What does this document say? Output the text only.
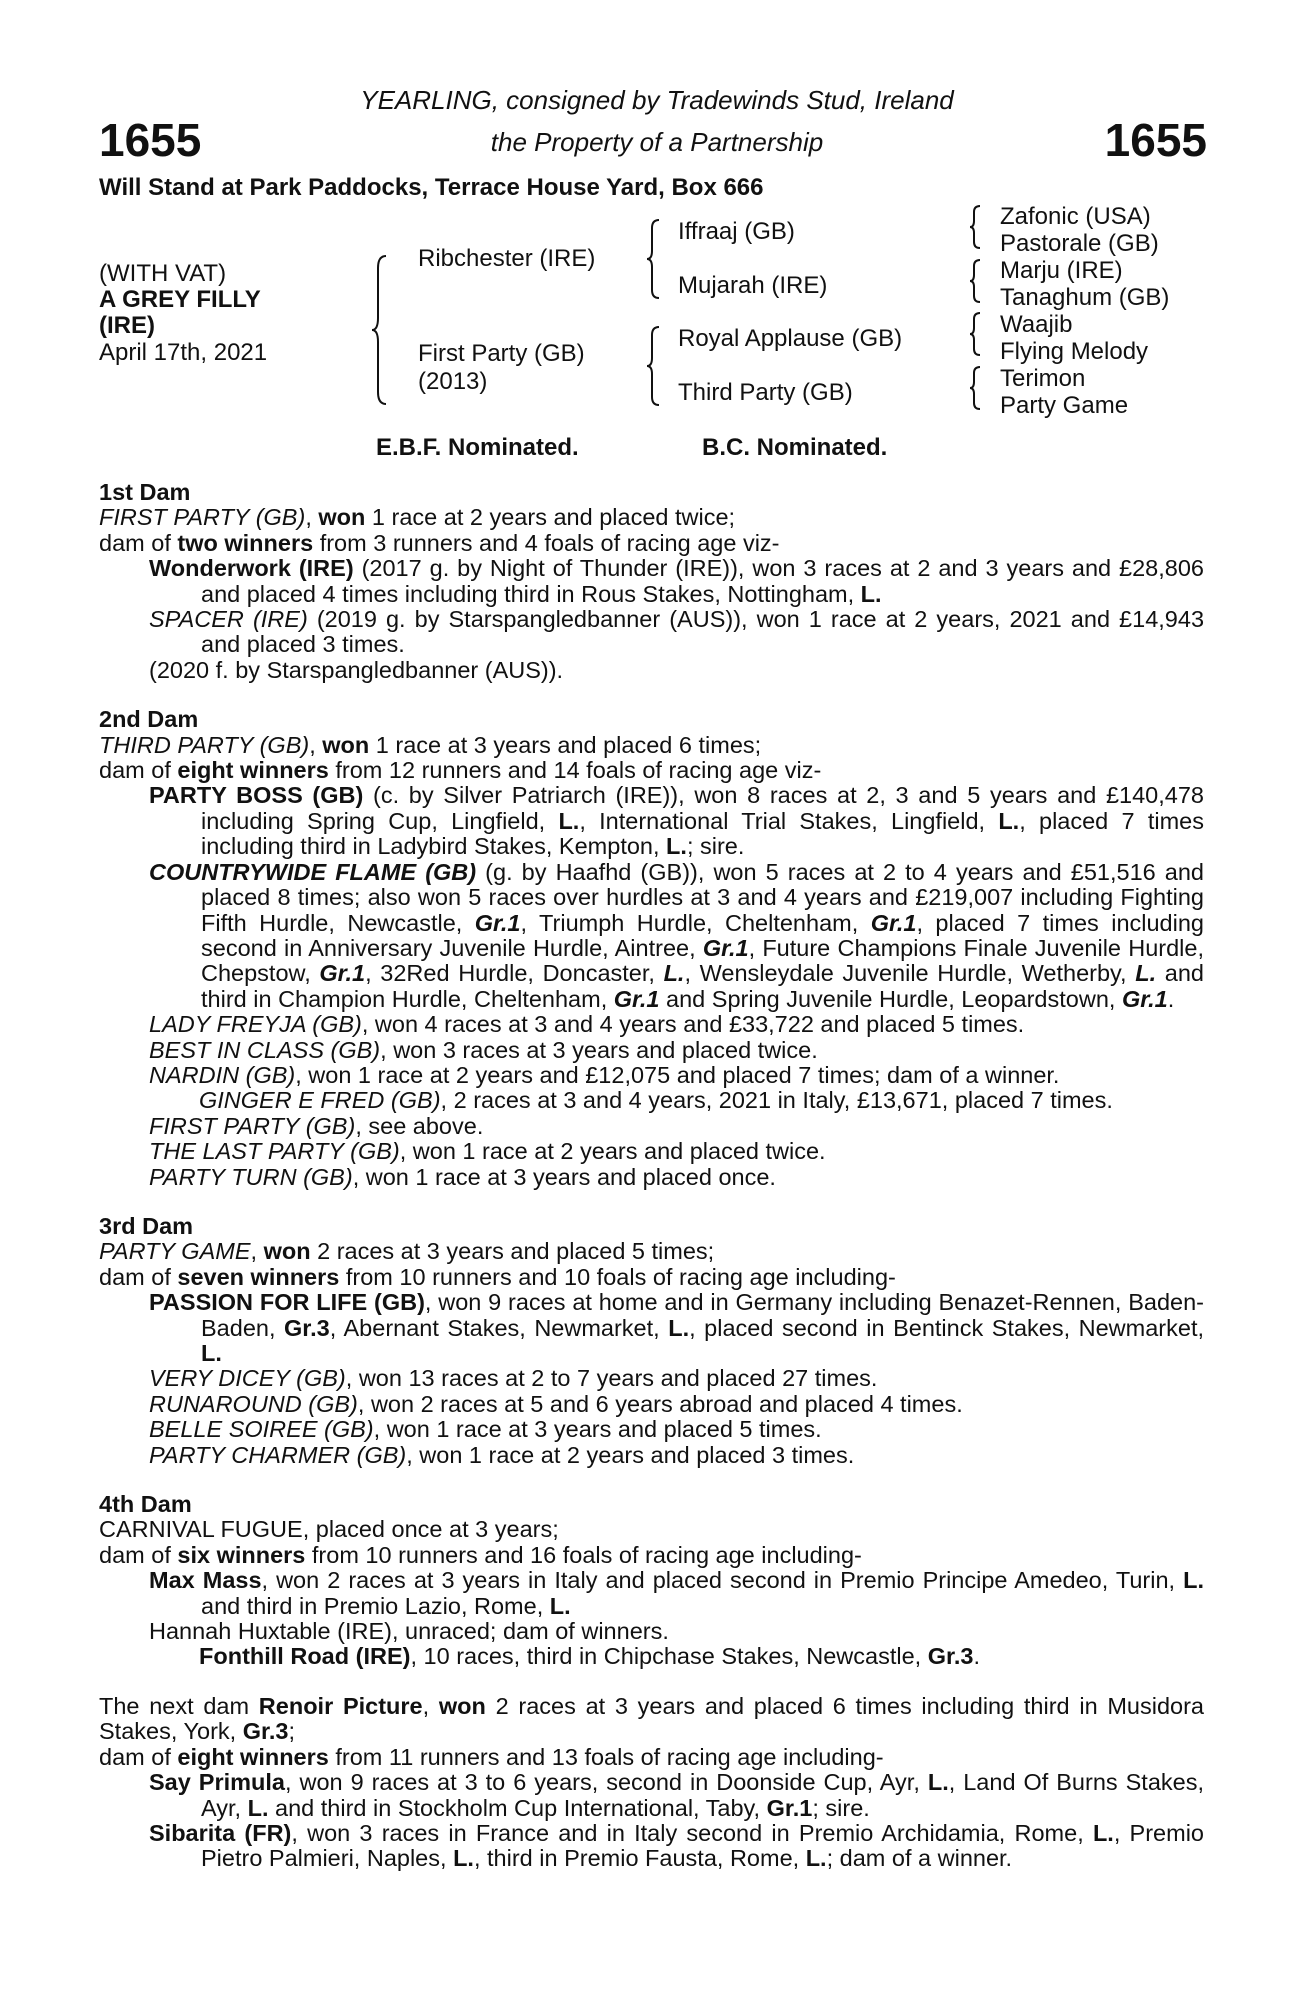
1655	1655
YEARLING, consigned by Tradewinds Stud, Ireland
the Property of a Partnership
Will Stand at Park Paddocks, Terrace House Yard, Box 666
(WITH VAT)
A GREY FILLY
(IRE)
April 17th, 2021
Ribchester (IRE)
First Party (GB)
(2013)
Iffraaj (GB)
Mujarah (IRE)
Royal Applause (GB)
Third Party (GB)
Zafonic (USA)
Pastorale (GB)
Marju (IRE)
Tanaghum (GB)
Waajib
Flying Melody
Terimon
Party Game
E.B.F. Nominated.	B.C. Nominated.
1st Dam
FIRST PARTY (GB), won 1 race at 2 years and placed twice;
dam of two winners from 3 runners and 4 foals of racing age viz-
Wonderwork (IRE) (2017 g. by Night of Thunder (IRE)), won 3 races at 2 and 3 years and £28,806 and placed 4 times including third in Rous Stakes, Nottingham, L.
SPACER (IRE) (2019 g. by Starspangledbanner (AUS)), won 1 race at 2 years, 2021 and £14,943 and placed 3 times.
(2020 f. by Starspangledbanner (AUS)).
2nd Dam
THIRD PARTY (GB), won 1 race at 3 years and placed 6 times;
dam of eight winners from 12 runners and 14 foals of racing age viz-
PARTY BOSS (GB) (c. by Silver Patriarch (IRE)), won 8 races at 2, 3 and 5 years and £140,478 including Spring Cup, Lingfield, L., International Trial Stakes, Lingfield, L., placed 7 times including third in Ladybird Stakes, Kempton, L.; sire.
COUNTRYWIDE FLAME (GB) (g. by Haafhd (GB)), won 5 races at 2 to 4 years and £51,516 and placed 8 times; also won 5 races over hurdles at 3 and 4 years and £219,007 including Fighting Fifth Hurdle, Newcastle, Gr.1, Triumph Hurdle, Cheltenham, Gr.1, placed 7 times including second in Anniversary Juvenile Hurdle, Aintree, Gr.1, Future Champions Finale Juvenile Hurdle, Chepstow, Gr.1, 32Red Hurdle, Doncaster, L., Wensleydale Juvenile Hurdle, Wetherby, L. and third in Champion Hurdle, Cheltenham, Gr.1 and Spring Juvenile Hurdle, Leopardstown, Gr.1.
LADY FREYJA (GB), won 4 races at 3 and 4 years and £33,722 and placed 5 times.
BEST IN CLASS (GB), won 3 races at 3 years and placed twice.
NARDIN (GB), won 1 race at 2 years and £12,075 and placed 7 times; dam of a winner.
GINGER E FRED (GB), 2 races at 3 and 4 years, 2021 in Italy, £13,671, placed 7 times.
FIRST PARTY (GB), see above.
THE LAST PARTY (GB), won 1 race at 2 years and placed twice.
PARTY TURN (GB), won 1 race at 3 years and placed once.
3rd Dam
PARTY GAME, won 2 races at 3 years and placed 5 times;
dam of seven winners from 10 runners and 10 foals of racing age including-
PASSION FOR LIFE (GB), won 9 races at home and in Germany including Benazet-Rennen, Baden-Baden, Gr.3, Abernant Stakes, Newmarket, L., placed second in Bentinck Stakes, Newmarket, L.
VERY DICEY (GB), won 13 races at 2 to 7 years and placed 27 times.
RUNAROUND (GB), won 2 races at 5 and 6 years abroad and placed 4 times.
BELLE SOIREE (GB), won 1 race at 3 years and placed 5 times.
PARTY CHARMER (GB), won 1 race at 2 years and placed 3 times.
4th Dam
CARNIVAL FUGUE, placed once at 3 years;
dam of six winners from 10 runners and 16 foals of racing age including-
Max Mass, won 2 races at 3 years in Italy and placed second in Premio Principe Amedeo, Turin, L. and third in Premio Lazio, Rome, L.
Hannah Huxtable (IRE), unraced; dam of winners.
Fonthill Road (IRE), 10 races, third in Chipchase Stakes, Newcastle, Gr.3.
The next dam Renoir Picture, won 2 races at 3 years and placed 6 times including third in Musidora Stakes, York, Gr.3;
dam of eight winners from 11 runners and 13 foals of racing age including-
Say Primula, won 9 races at 3 to 6 years, second in Doonside Cup, Ayr, L., Land Of Burns Stakes, Ayr, L. and third in Stockholm Cup International, Taby, Gr.1; sire.
Sibarita (FR), won 3 races in France and in Italy second in Premio Archidamia, Rome, L., Premio Pietro Palmieri, Naples, L., third in Premio Fausta, Rome, L.; dam of a winner.
